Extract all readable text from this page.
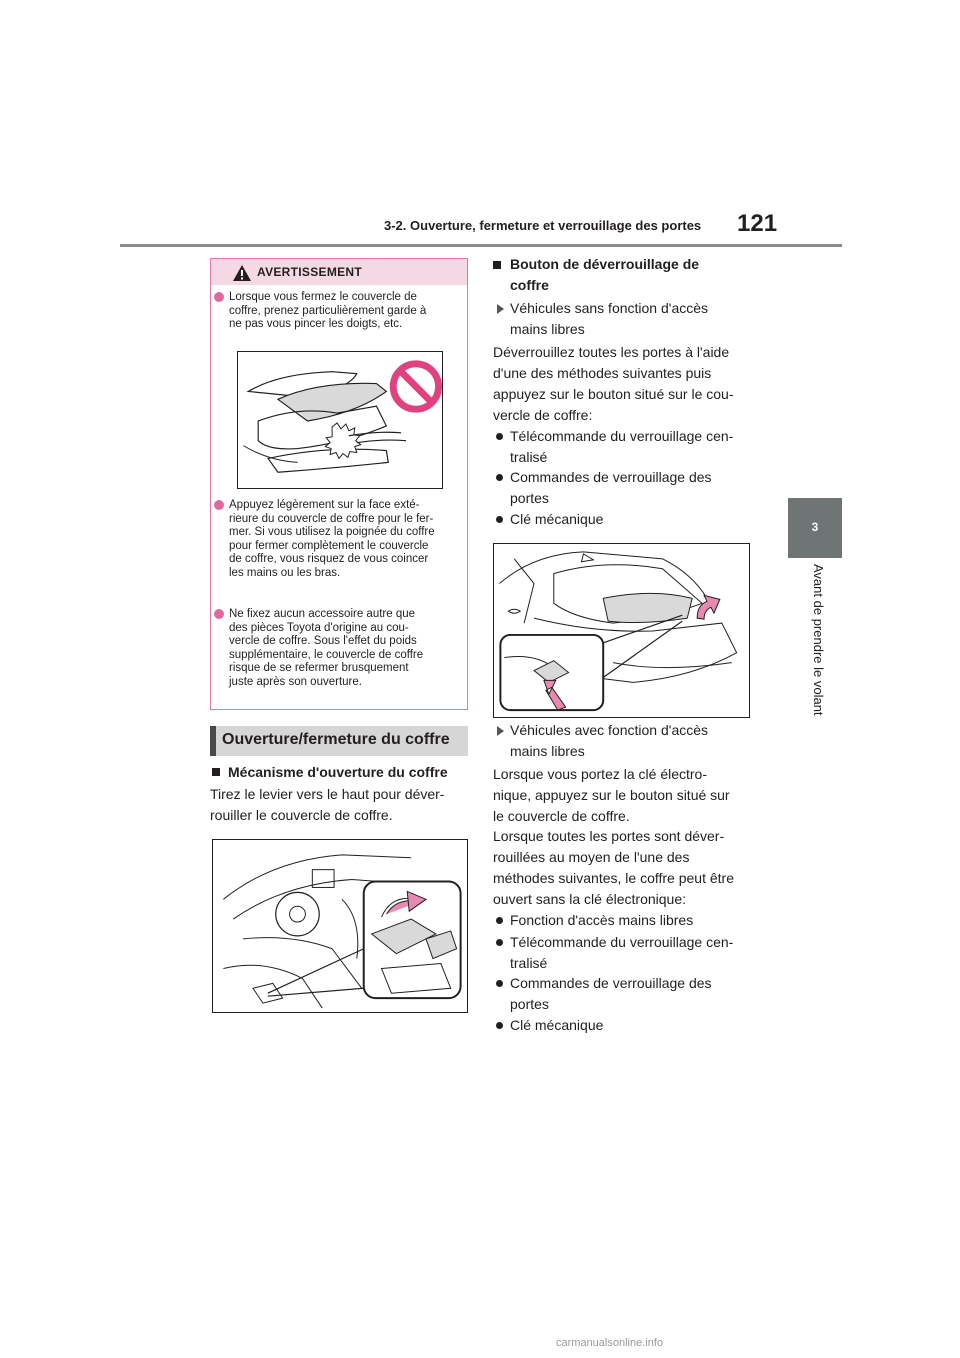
3-2. Ouverture, fermeture et verrouillage des portes 121
3
Avant de prendre le volant
AVERTISSEMENT
Lorsque vous fermez le couvercle de
coffre, prenez particulièrement garde à
ne pas vous pincer les doigts, etc.
Appuyez légèrement sur la face exté-
rieure du couvercle de coffre pour le fer-
mer. Si vous utilisez la poignée du coffre
pour fermer complètement le couvercle
de coffre, vous risquez de vous coincer
les mains ou les bras.
Ne fixez aucun accessoire autre que
des pièces Toyota d'origine au cou-
vercle de coffre. Sous l'effet du poids
supplémentaire, le couvercle de coffre
risque de se refermer brusquement
juste après son ouverture.
Ouverture/fermeture du coffre
Mécanisme d'ouverture du coffre
Tirez le levier vers le haut pour déver-
rouiller le couvercle de coffre.
Bouton de déverrouillage de
coffre
Véhicules sans fonction d'accès
mains libres
Déverrouillez toutes les portes à l'aide
d'une des méthodes suivantes puis
appuyez sur le bouton situé sur le cou-
vercle de coffre:
Télécommande du verrouillage cen-
tralisé
Commandes de verrouillage des
portes
Clé mécanique
Véhicules avec fonction d'accès
mains libres
Lorsque vous portez la clé électro-
nique, appuyez sur le bouton situé sur
le couvercle de coffre.
Lorsque toutes les portes sont déver-
rouillées au moyen de l'une des
méthodes suivantes, le coffre peut être
ouvert sans la clé électronique:
Fonction d'accès mains libres
Télécommande du verrouillage cen-
tralisé
Commandes de verrouillage des
portes
Clé mécanique
carmanualsonline.info
